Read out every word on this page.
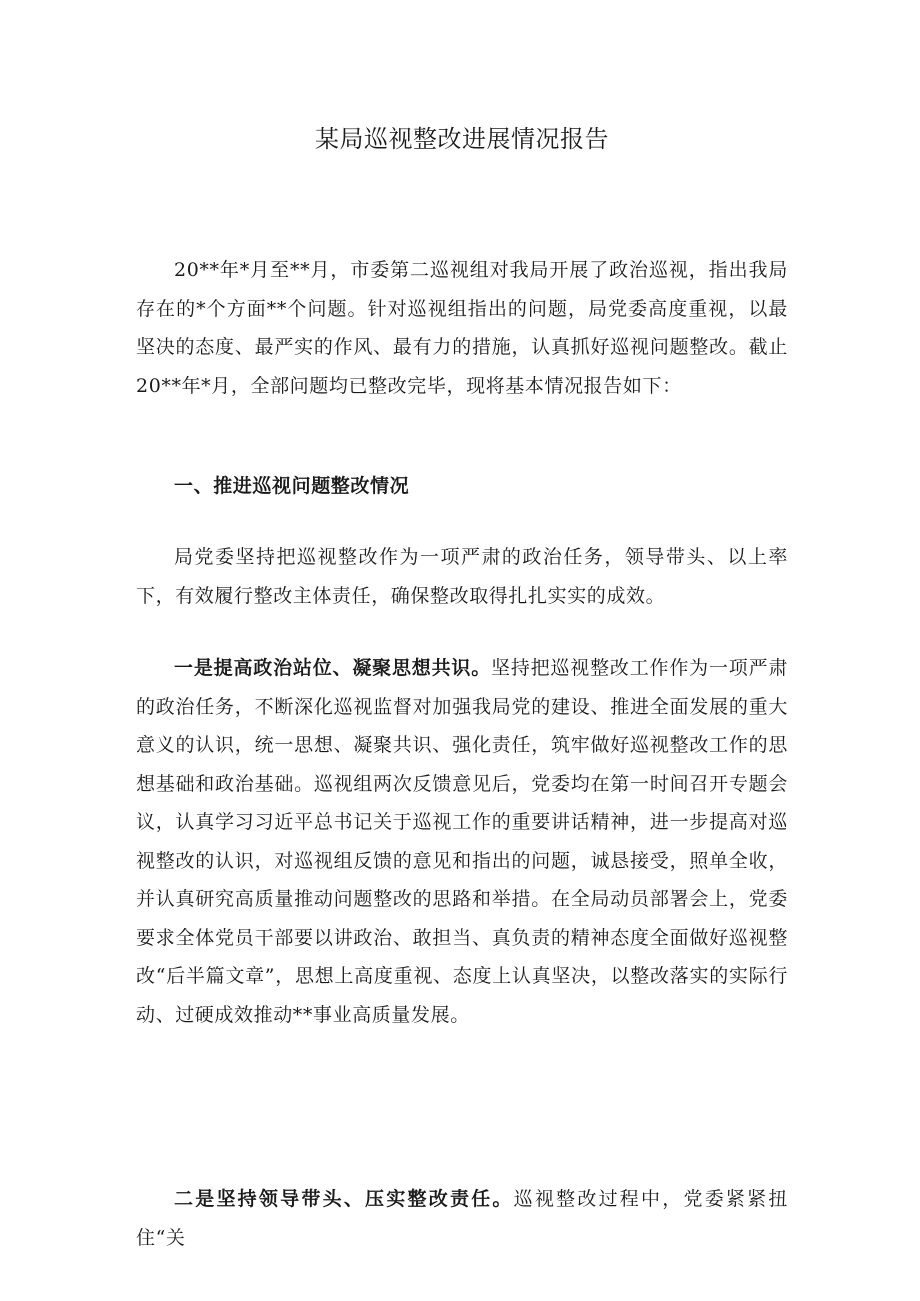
某局巡视整改进展情况报告

20**年*月至**月，市委第二巡视组对我局开展了政治巡视，指出我局存在的*个方面**个问题。针对巡视组指出的问题，局党委高度重视，以最坚决的态度、最严实的作风、最有力的措施，认真抓好巡视问题整改。截止20**年*月，全部问题均已整改完毕，现将基本情况报告如下：

一、推进巡视问题整改情况

局党委坚持把巡视整改作为一项严肃的政治任务，领导带头、以上率下，有效履行整改主体责任，确保整改取得扎扎实实的成效。

一是提高政治站位、凝聚思想共识。坚持把巡视整改工作作为一项严肃的政治任务，不断深化巡视监督对加强我局党的建设、推进全面发展的重大意义的认识，统一思想、凝聚共识、强化责任，筑牢做好巡视整改工作的思想基础和政治基础。巡视组两次反馈意见后，党委均在第一时间召开专题会议，认真学习习近平总书记关于巡视工作的重要讲话精神，进一步提高对巡视整改的认识，对巡视组反馈的意见和指出的问题，诚恳接受，照单全收，并认真研究高质量推动问题整改的思路和举措。在全局动员部署会上，党委要求全体党员干部要以讲政治、敢担当、真负责的精神态度全面做好巡视整改“后半篇文章”，思想上高度重视、态度上认真坚决，以整改落实的实际行动、过硬成效推动**事业高质量发展。

二是坚持领导带头、压实整改责任。巡视整改过程中，党委紧紧扭住“关
